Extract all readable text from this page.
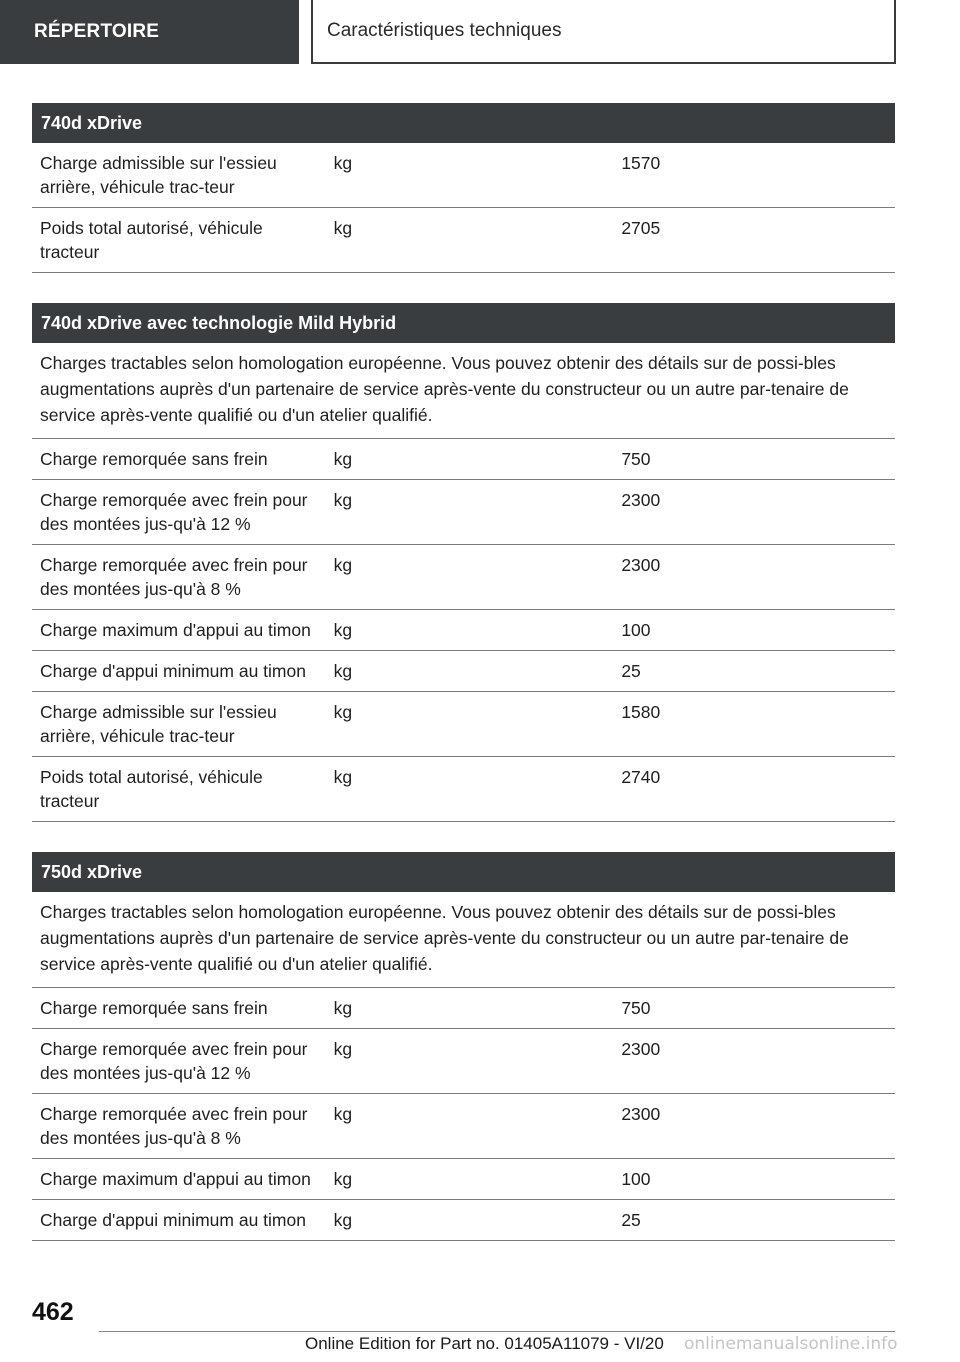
RÉPERTOIRE	Caractéristiques techniques
740d xDrive		
Charge admissible sur l'essieu arrière, véhicule trac-teur	kg	1570
Poids total autorisé, véhicule tracteur	kg	2705
740d xDrive avec technologie Mild Hybrid		
Charges tractables selon homologation européenne. Vous pouvez obtenir des détails sur de possi-bles augmentations auprès d'un partenaire de service après-vente du constructeur ou un autre par-tenaire de service après-vente qualifié ou d'un atelier qualifié.		
Charge remorquée sans frein	kg	750
Charge remorquée avec frein pour des montées jus-qu'à 12 %	kg	2300
Charge remorquée avec frein pour des montées jus-qu'à 8 %	kg	2300
Charge maximum d'appui au timon	kg	100
Charge d'appui minimum au timon	kg	25
Charge admissible sur l'essieu arrière, véhicule trac-teur	kg	1580
Poids total autorisé, véhicule tracteur	kg	2740
750d xDrive		
Charges tractables selon homologation européenne. Vous pouvez obtenir des détails sur de possi-bles augmentations auprès d'un partenaire de service après-vente du constructeur ou un autre par-tenaire de service après-vente qualifié ou d'un atelier qualifié.		
Charge remorquée sans frein	kg	750
Charge remorquée avec frein pour des montées jus-qu'à 12 %	kg	2300
Charge remorquée avec frein pour des montées jus-qu'à 8 %	kg	2300
Charge maximum d'appui au timon	kg	100
Charge d'appui minimum au timon	kg	25
462
Online Edition for Part no. 01405A11079 - VI/20 onlinemanualsonline.info
